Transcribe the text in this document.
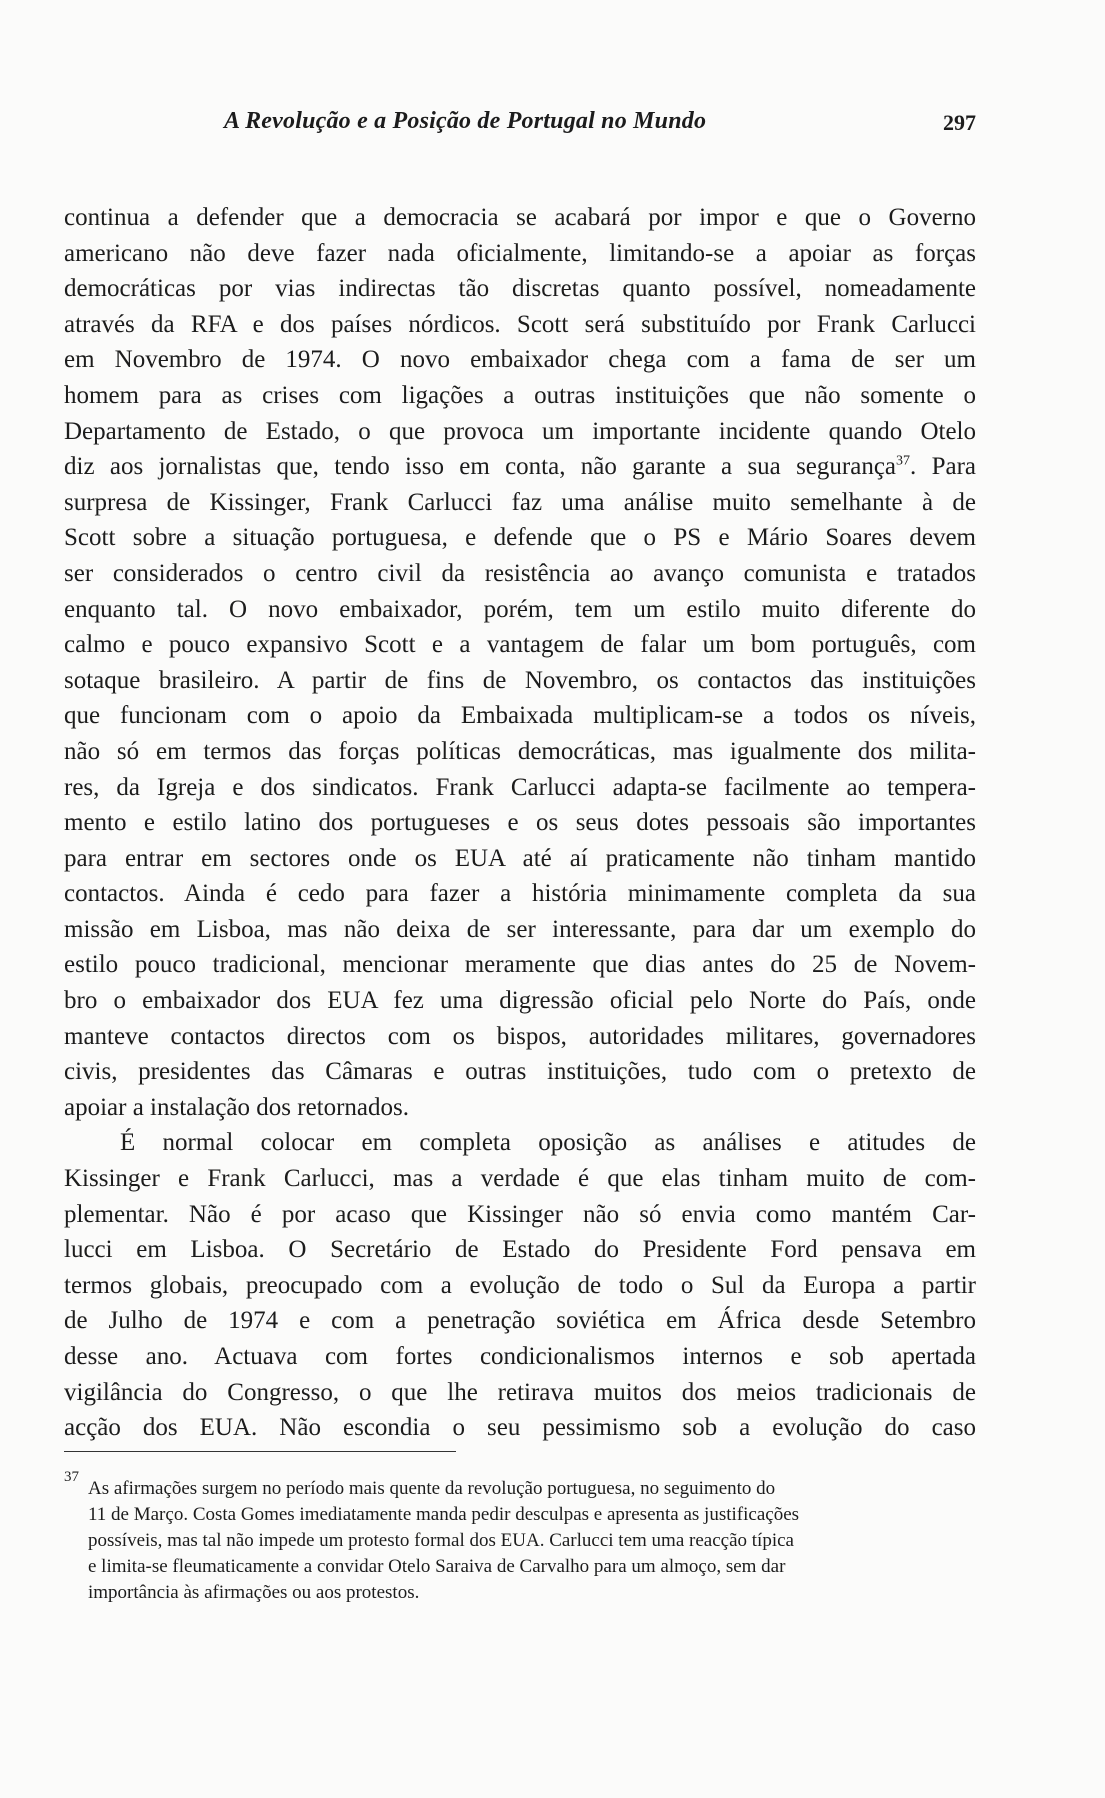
A Revolução e a Posição de Portugal no Mundo	297

continua a defender que a democracia se acabará por impor e que o Governo

americano não deve fazer nada oficialmente, limitando-se a apoiar as forças

democráticas por vias indirectas tão discretas quanto possível, nomeadamente

através da RFA e dos países nórdicos. Scott será substituído por Frank Carlucci

em Novembro de 1974. O novo embaixador chega com a fama de ser um

homem para as crises com ligações a outras instituições que não somente o

Departamento de Estado, o que provoca um importante incidente quando Otelo

diz aos jornalistas que, tendo isso em conta, não garante a sua segurança$^{37}$. Para

surpresa de Kissinger, Frank Carlucci faz uma análise muito semelhante à de

Scott sobre a situação portuguesa, e defende que o PS e Mário Soares devem

ser considerados o centro civil da resistência ao avanço comunista e tratados

enquanto tal. O novo embaixador, porém, tem um estilo muito diferente do

calmo e pouco expansivo Scott e a vantagem de falar um bom português, com

sotaque brasileiro. A partir de fins de Novembro, os contactos das instituições

que funcionam com o apoio da Embaixada multiplicam-se a todos os níveis,

não só em termos das forças políticas democráticas, mas igualmente dos milita-

res, da Igreja e dos sindicatos. Frank Carlucci adapta-se facilmente ao tempera-

mento e estilo latino dos portugueses e os seus dotes pessoais são importantes

para entrar em sectores onde os EUA até aí praticamente não tinham mantido

contactos. Ainda é cedo para fazer a história minimamente completa da sua

missão em Lisboa, mas não deixa de ser interessante, para dar um exemplo do

estilo pouco tradicional, mencionar meramente que dias antes do 25 de Novem-

bro o embaixador dos EUA fez uma digressão oficial pelo Norte do País, onde

manteve contactos directos com os bispos, autoridades militares, governadores

civis, presidentes das Câmaras e outras instituições, tudo com o pretexto de

apoiar a instalação dos retornados.

É normal colocar em completa oposição as análises e atitudes de

Kissinger e Frank Carlucci, mas a verdade é que elas tinham muito de com-

plementar. Não é por acaso que Kissinger não só envia como mantém Car-

lucci em Lisboa. O Secretário de Estado do Presidente Ford pensava em

termos globais, preocupado com a evolução de todo o Sul da Europa a partir

de Julho de 1974 e com a penetração soviética em África desde Setembro

desse ano. Actuava com fortes condicionalismos internos e sob apertada

vigilância do Congresso, o que lhe retirava muitos dos meios tradicionais de

acção dos EUA. Não escondia o seu pessimismo sob a evolução do caso

37
As afirmações surgem no período mais quente da revolução portuguesa, no seguimento do
11 de Março. Costa Gomes imediatamente manda pedir desculpas e apresenta as justificações
possíveis, mas tal não impede um protesto formal dos EUA. Carlucci tem uma reacção típica
e limita-se fleumaticamente a convidar Otelo Saraiva de Carvalho para um almoço, sem dar
importância às afirmações ou aos protestos.
